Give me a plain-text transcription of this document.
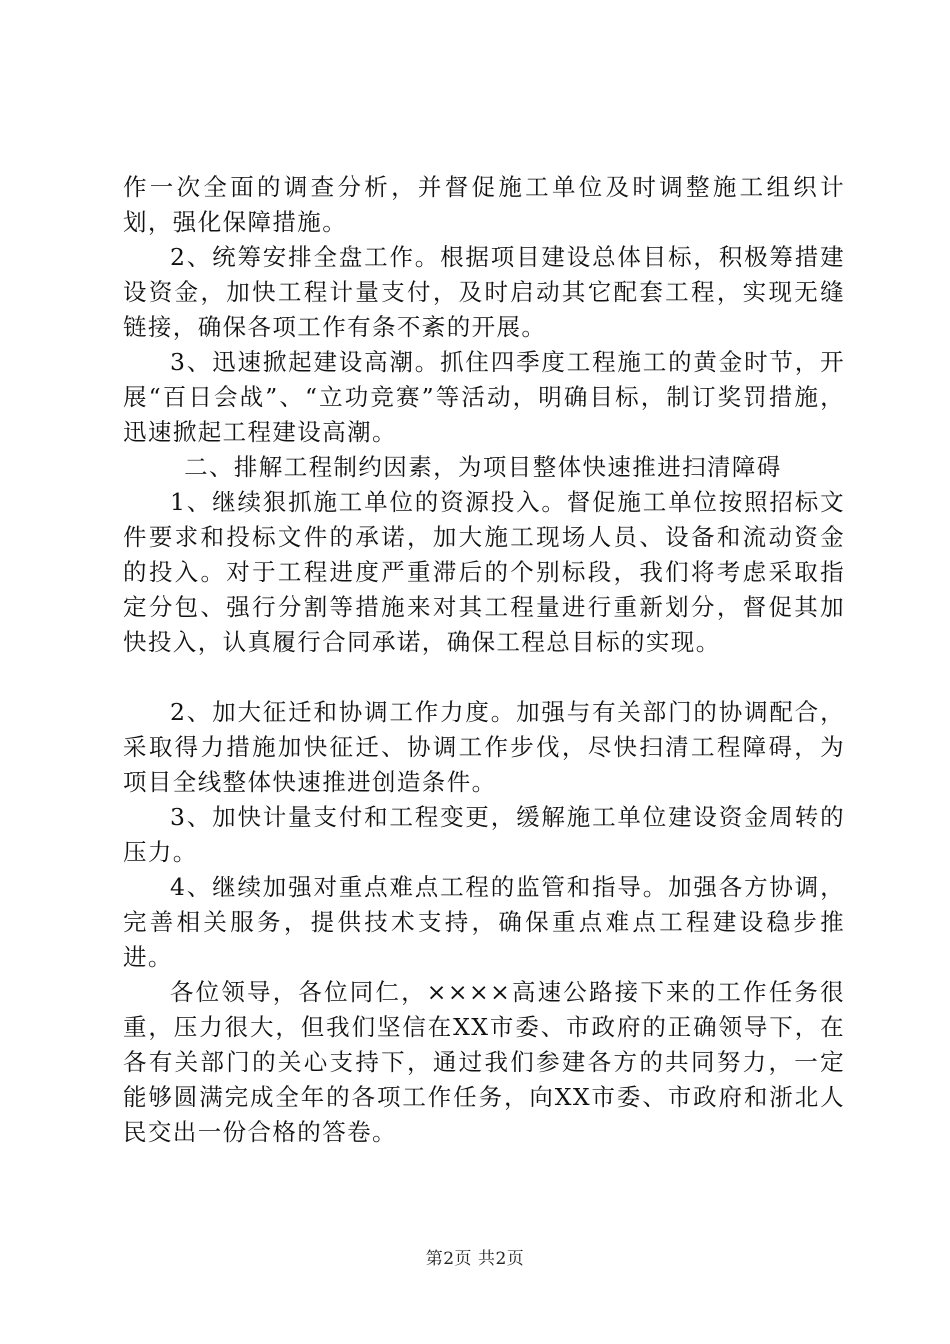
作一次全面的调查分析，并督促施工单位及时调整施工组织计划，强化保障措施。

2、统筹安排全盘工作。根据项目建设总体目标，积极筹措建设资金，加快工程计量支付，及时启动其它配套工程，实现无缝链接，确保各项工作有条不紊的开展。

3、迅速掀起建设高潮。抓住四季度工程施工的黄金时节，开展“百日会战”、“立功竞赛”等活动，明确目标，制订奖罚措施，迅速掀起工程建设高潮。

二、排解工程制约因素，为项目整体快速推进扫清障碍

1、继续狠抓施工单位的资源投入。督促施工单位按照招标文件要求和投标文件的承诺，加大施工现场人员、设备和流动资金的投入。对于工程进度严重滞后的个别标段，我们将考虑采取指定分包、强行分割等措施来对其工程量进行重新划分，督促其加快投入，认真履行合同承诺，确保工程总目标的实现。

2、加大征迁和协调工作力度。加强与有关部门的协调配合，采取得力措施加快征迁、协调工作步伐，尽快扫清工程障碍，为项目全线整体快速推进创造条件。

3、加快计量支付和工程变更，缓解施工单位建设资金周转的压力。

4、继续加强对重点难点工程的监管和指导。加强各方协调，完善相关服务，提供技术支持，确保重点难点工程建设稳步推进。

各位领导，各位同仁，××××高速公路接下来的工作任务很重，压力很大，但我们坚信在XX市委、市政府的正确领导下，在各有关部门的关心支持下，通过我们参建各方的共同努力，一定能够圆满完成全年的各项工作任务，向XX市委、市政府和浙北人民交出一份合格的答卷。

第2页 共2页
